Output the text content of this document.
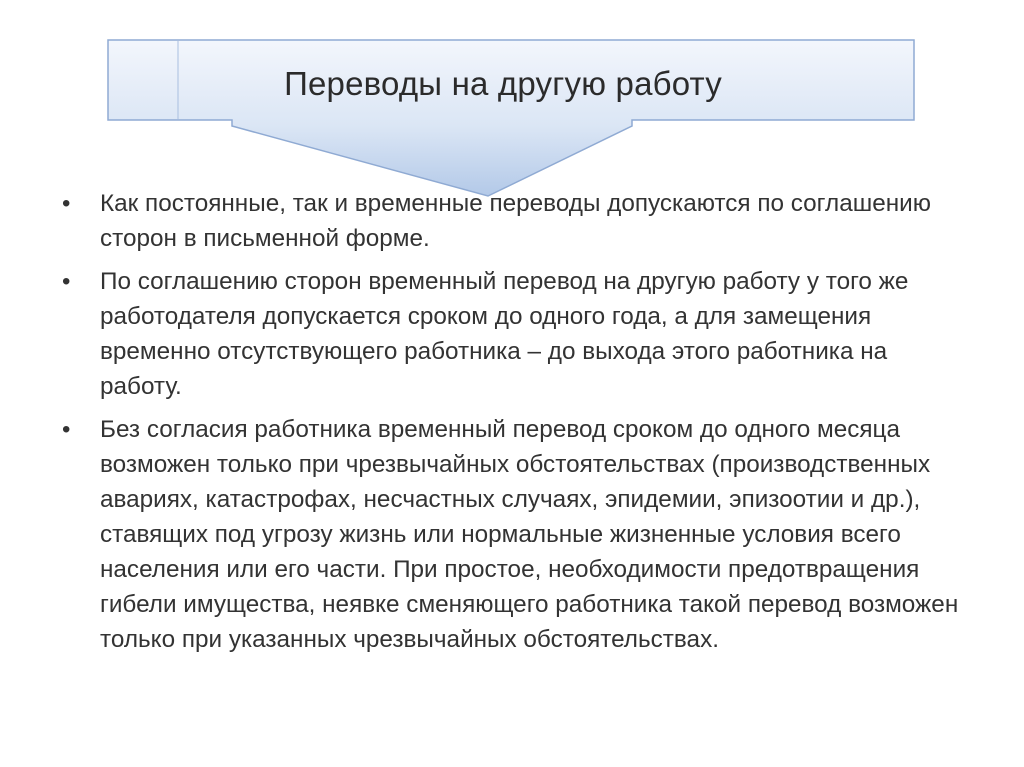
Переводы на другую работу
• Как постоянные, так и временные переводы допускаются по соглашению сторон в письменной форме.
• По соглашению сторон временный перевод на другую работу у того же работодателя допускается сроком до одного года, а для замещения временно отсутствующего работника – до выхода этого работника на работу.
• Без согласия работника временный перевод сроком до одного месяца возможен только при чрезвычайных обстоятельствах (производственных авариях, катастрофах, несчастных случаях, эпидемии, эпизоотии и др.), ставящих под угрозу жизнь или нормальные жизненные условия всего населения или его части. При простое, необходимости предотвращения гибели имущества, неявке сменяющего работника такой перевод возможен только при указанных чрезвычайных обстоятельствах.
